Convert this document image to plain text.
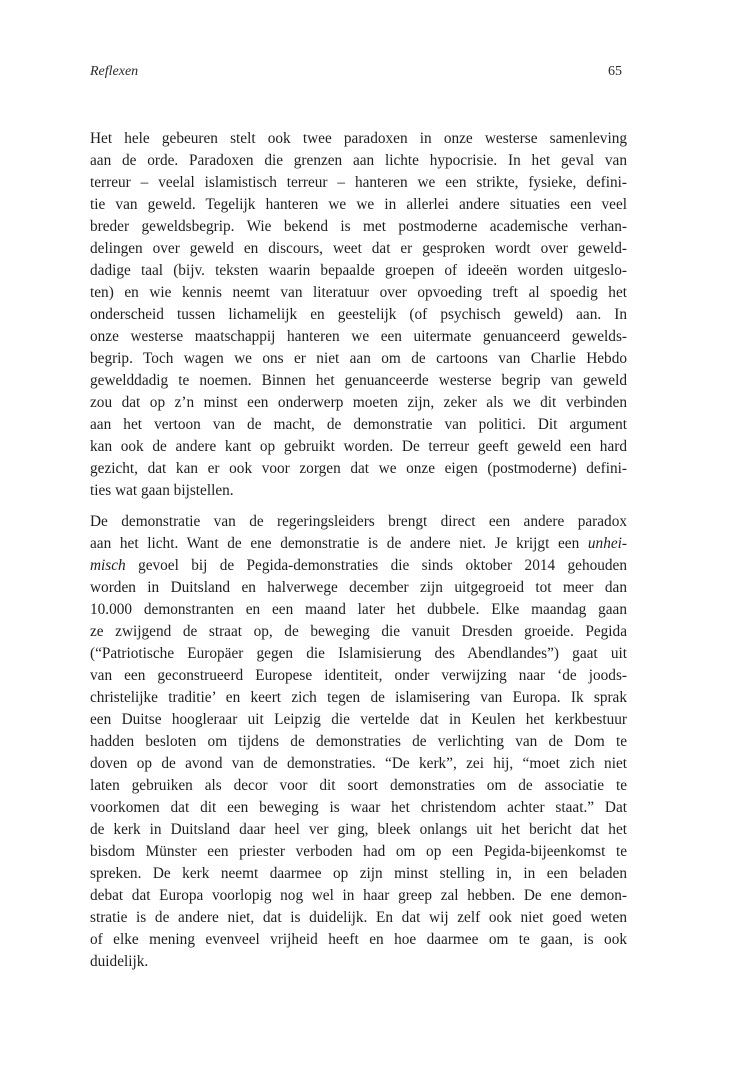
Reflexen	65
Het hele gebeuren stelt ook twee paradoxen in onze westerse samenleving
aan de orde. Paradoxen die grenzen aan lichte hypocrisie. In het geval van
terreur – veelal islamistisch terreur – hanteren we een strikte, fysieke, defini-
tie van geweld. Tegelijk hanteren we we in allerlei andere situaties een veel
breder geweldsbegrip. Wie bekend is met postmoderne academische verhan-
delingen over geweld en discours, weet dat er gesproken wordt over geweld-
dadige taal (bijv. teksten waarin bepaalde groepen of ideeën worden uitgeslo-
ten) en wie kennis neemt van literatuur over opvoeding treft al spoedig het
onderscheid tussen lichamelijk en geestelijk (of psychisch geweld) aan. In
onze westerse maatschappij hanteren we een uitermate genuanceerd gewelds-
begrip. Toch wagen we ons er niet aan om de cartoons van Charlie Hebdo
gewelddadig te noemen. Binnen het genuanceerde westerse begrip van geweld
zou dat op z’n minst een onderwerp moeten zijn, zeker als we dit verbinden
aan het vertoon van de macht, de demonstratie van politici. Dit argument
kan ook de andere kant op gebruikt worden. De terreur geeft geweld een hard
gezicht, dat kan er ook voor zorgen dat we onze eigen (postmoderne) defini-
ties wat gaan bijstellen.
De demonstratie van de regeringsleiders brengt direct een andere paradox
aan het licht. Want de ene demonstratie is de andere niet. Je krijgt een unhei-
misch gevoel bij de Pegida-demonstraties die sinds oktober 2014 gehouden
worden in Duitsland en halverwege december zijn uitgegroeid tot meer dan
10.000 demonstranten en een maand later het dubbele. Elke maandag gaan
ze zwijgend de straat op, de beweging die vanuit Dresden groeide. Pegida
(“Patriotische Europäer gegen die Islamisierung des Abendlandes”) gaat uit
van een geconstrueerd Europese identiteit, onder verwijzing naar ‘de joods-
christelijke traditie’ en keert zich tegen de islamisering van Europa. Ik sprak
een Duitse hoogleraar uit Leipzig die vertelde dat in Keulen het kerkbestuur
hadden besloten om tijdens de demonstraties de verlichting van de Dom te
doven op de avond van de demonstraties. “De kerk”, zei hij, “moet zich niet
laten gebruiken als decor voor dit soort demonstraties om de associatie te
voorkomen dat dit een beweging is waar het christendom achter staat.” Dat
de kerk in Duitsland daar heel ver ging, bleek onlangs uit het bericht dat het
bisdom Münster een priester verboden had om op een Pegida-bijeenkomst te
spreken. De kerk neemt daarmee op zijn minst stelling in, in een beladen
debat dat Europa voorlopig nog wel in haar greep zal hebben. De ene demon-
stratie is de andere niet, dat is duidelijk. En dat wij zelf ook niet goed weten
of elke mening evenveel vrijheid heeft en hoe daarmee om te gaan, is ook
duidelijk.
